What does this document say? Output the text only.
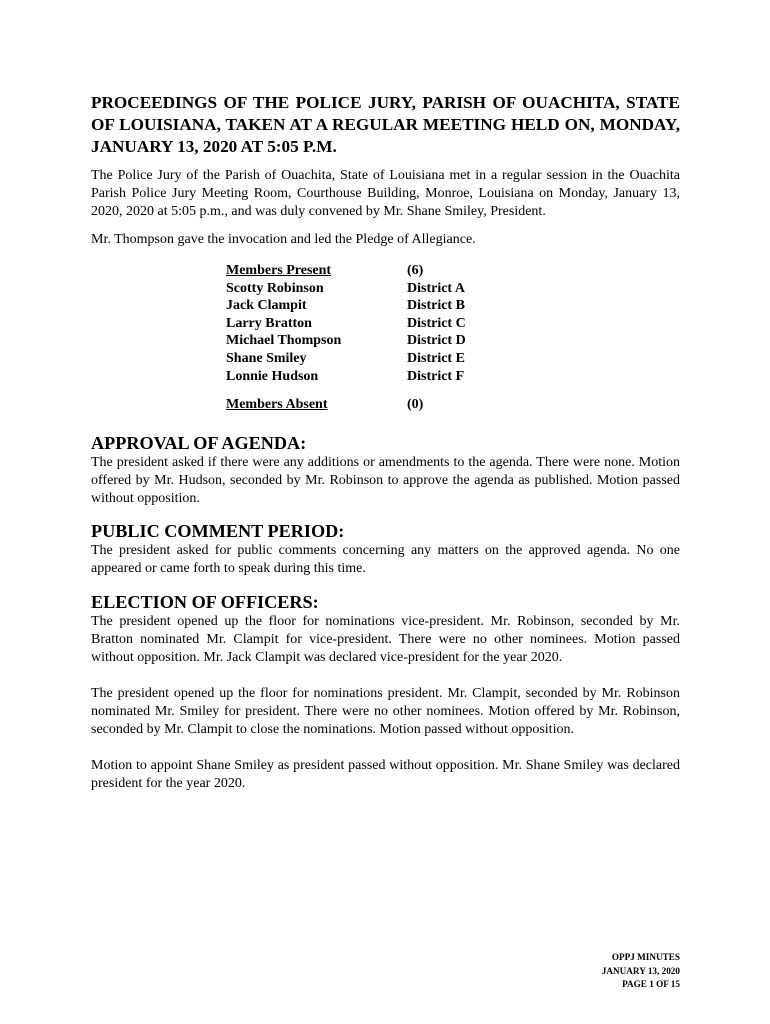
PROCEEDINGS OF THE POLICE JURY, PARISH OF OUACHITA, STATE OF LOUISIANA, TAKEN AT A REGULAR MEETING HELD ON, MONDAY, JANUARY 13, 2020 AT 5:05 P.M.

The Police Jury of the Parish of Ouachita, State of Louisiana met in a regular session in the Ouachita Parish Police Jury Meeting Room, Courthouse Building, Monroe, Louisiana on Monday, January 13, 2020, 2020 at 5:05 p.m., and was duly convened by Mr. Shane Smiley, President.

Mr. Thompson gave the invocation and led the Pledge of Allegiance.

Members Present
Scotty Robinson
Jack Clampit
Larry Bratton
Michael Thompson
Shane Smiley
Lonnie Hudson
(6)
District A
District B
District C
District D
District E
District F
Members Absent	(0)
APPROVAL OF AGENDA:

The president asked if there were any additions or amendments to the agenda. There were none. Motion offered by Mr. Hudson, seconded by Mr. Robinson to approve the agenda as published. Motion passed without opposition.

PUBLIC COMMENT PERIOD:

The president asked for public comments concerning any matters on the approved agenda. No one appeared or came forth to speak during this time.

ELECTION OF OFFICERS:

The president opened up the floor for nominations vice-president. Mr. Robinson, seconded by Mr. Bratton nominated Mr. Clampit for vice-president. There were no other nominees. Motion passed without opposition. Mr. Jack Clampit was declared vice-president for the year 2020.

The president opened up the floor for nominations president. Mr. Clampit, seconded by Mr. Robinson nominated Mr. Smiley for president. There were no other nominees. Motion offered by Mr. Robinson, seconded by Mr. Clampit to close the nominations. Motion passed without opposition.

Motion to appoint Shane Smiley as president passed without opposition. Mr. Shane Smiley was declared president for the year 2020.

OPPJ MINUTES
JANUARY 13, 2020
PAGE 1 OF 15
